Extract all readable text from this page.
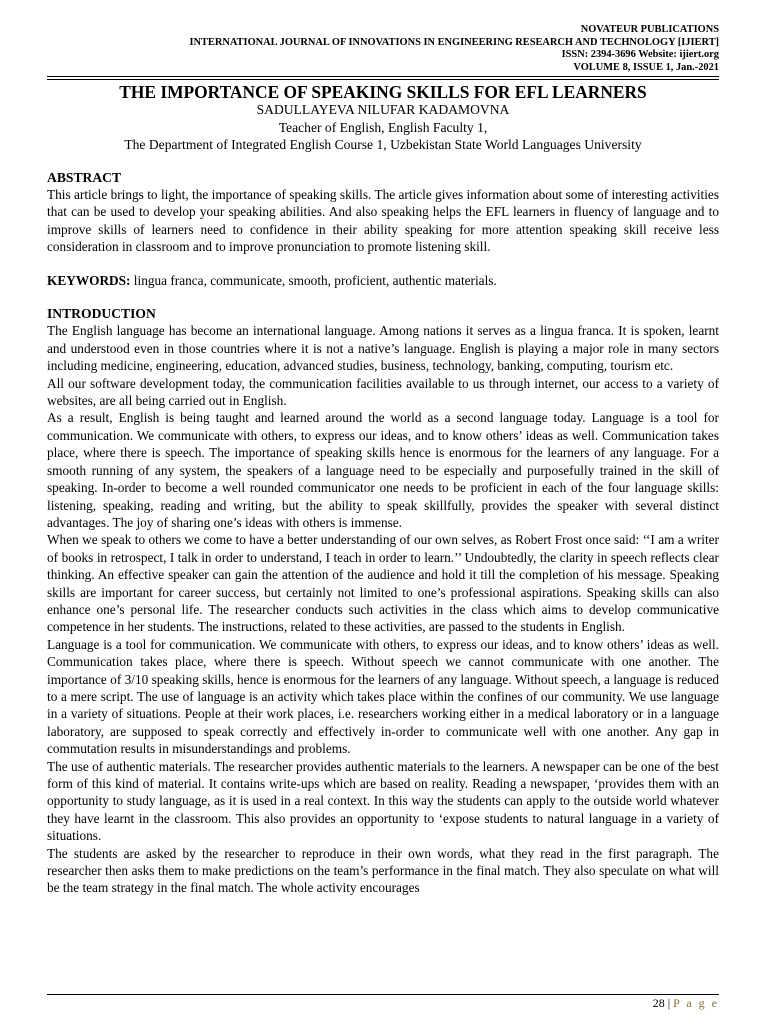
NOVATEUR PUBLICATIONS
INTERNATIONAL JOURNAL OF INNOVATIONS IN ENGINEERING RESEARCH AND TECHNOLOGY [IJIERT]
ISSN: 2394-3696 Website: ijiert.org
VOLUME 8, ISSUE 1, Jan.-2021
THE IMPORTANCE OF SPEAKING SKILLS FOR EFL LEARNERS
SADULLAYEVA NILUFAR KADAMOVNA
Teacher of English, English Faculty 1,
The Department of Integrated English Course 1, Uzbekistan State World Languages University
ABSTRACT

This article brings to light, the importance of speaking skills. The article gives information about some of interesting activities that can be used to develop your speaking abilities. And also speaking helps the EFL learners in fluency of language and to improve skills of learners need to confidence in their ability speaking for more attention speaking skill receive less consideration in classroom and to improve pronunciation to promote listening skill.

KEYWORDS: lingua franca, communicate, smooth, proficient, authentic materials.

INTRODUCTION

The English language has become an international language. Among nations it serves as a lingua franca. It is spoken, learnt and understood even in those countries where it is not a native’s language. English is playing a major role in many sectors including medicine, engineering, education, advanced studies, business, technology, banking, computing, tourism etc.

All our software development today, the communication facilities available to us through internet, our access to a variety of websites, are all being carried out in English.

As a result, English is being taught and learned around the world as a second language today. Language is a tool for communication. We communicate with others, to express our ideas, and to know others’ ideas as well. Communication takes place, where there is speech. The importance of speaking skills hence is enormous for the learners of any language. For a smooth running of any system, the speakers of a language need to be especially and purposefully trained in the skill of speaking. In-order to become a well rounded communicator one needs to be proficient in each of the four language skills: listening, speaking, reading and writing, but the ability to speak skillfully, provides the speaker with several distinct advantages. The joy of sharing one’s ideas with others is immense.

When we speak to others we come to have a better understanding of our own selves, as Robert Frost once said: ‘‘I am a writer of books in retrospect, I talk in order to understand, I teach in order to learn.’’ Undoubtedly, the clarity in speech reflects clear thinking. An effective speaker can gain the attention of the audience and hold it till the completion of his message. Speaking skills are important for career success, but certainly not limited to one’s professional aspirations. Speaking skills can also enhance one’s personal life. The researcher conducts such activities in the class which aims to develop communicative competence in her students. The instructions, related to these activities, are passed to the students in English.

Language is a tool for communication. We communicate with others, to express our ideas, and to know others’ ideas as well. Communication takes place, where there is speech. Without speech we cannot communicate with one another. The importance of 3/10 speaking skills, hence is enormous for the learners of any language. Without speech, a language is reduced to a mere script. The use of language is an activity which takes place within the confines of our community. We use language in a variety of situations. People at their work places, i.e. researchers working either in a medical laboratory or in a language laboratory, are supposed to speak correctly and effectively in-order to communicate well with one another. Any gap in commutation results in misunderstandings and problems.

The use of authentic materials. The researcher provides authentic materials to the learners. A newspaper can be one of the best form of this kind of material. It contains write-ups which are based on reality. Reading a newspaper, ‘provides them with an opportunity to study language, as it is used in a real context. In this way the students can apply to the outside world whatever they have learnt in the classroom. This also provides an opportunity to ‘expose students to natural language in a variety of situations.

The students are asked by the researcher to reproduce in their own words, what they read in the first paragraph. The researcher then asks them to make predictions on the team’s performance in the final match. They also speculate on what will be the team strategy in the final match. The whole activity encourages

28 | P a g e
